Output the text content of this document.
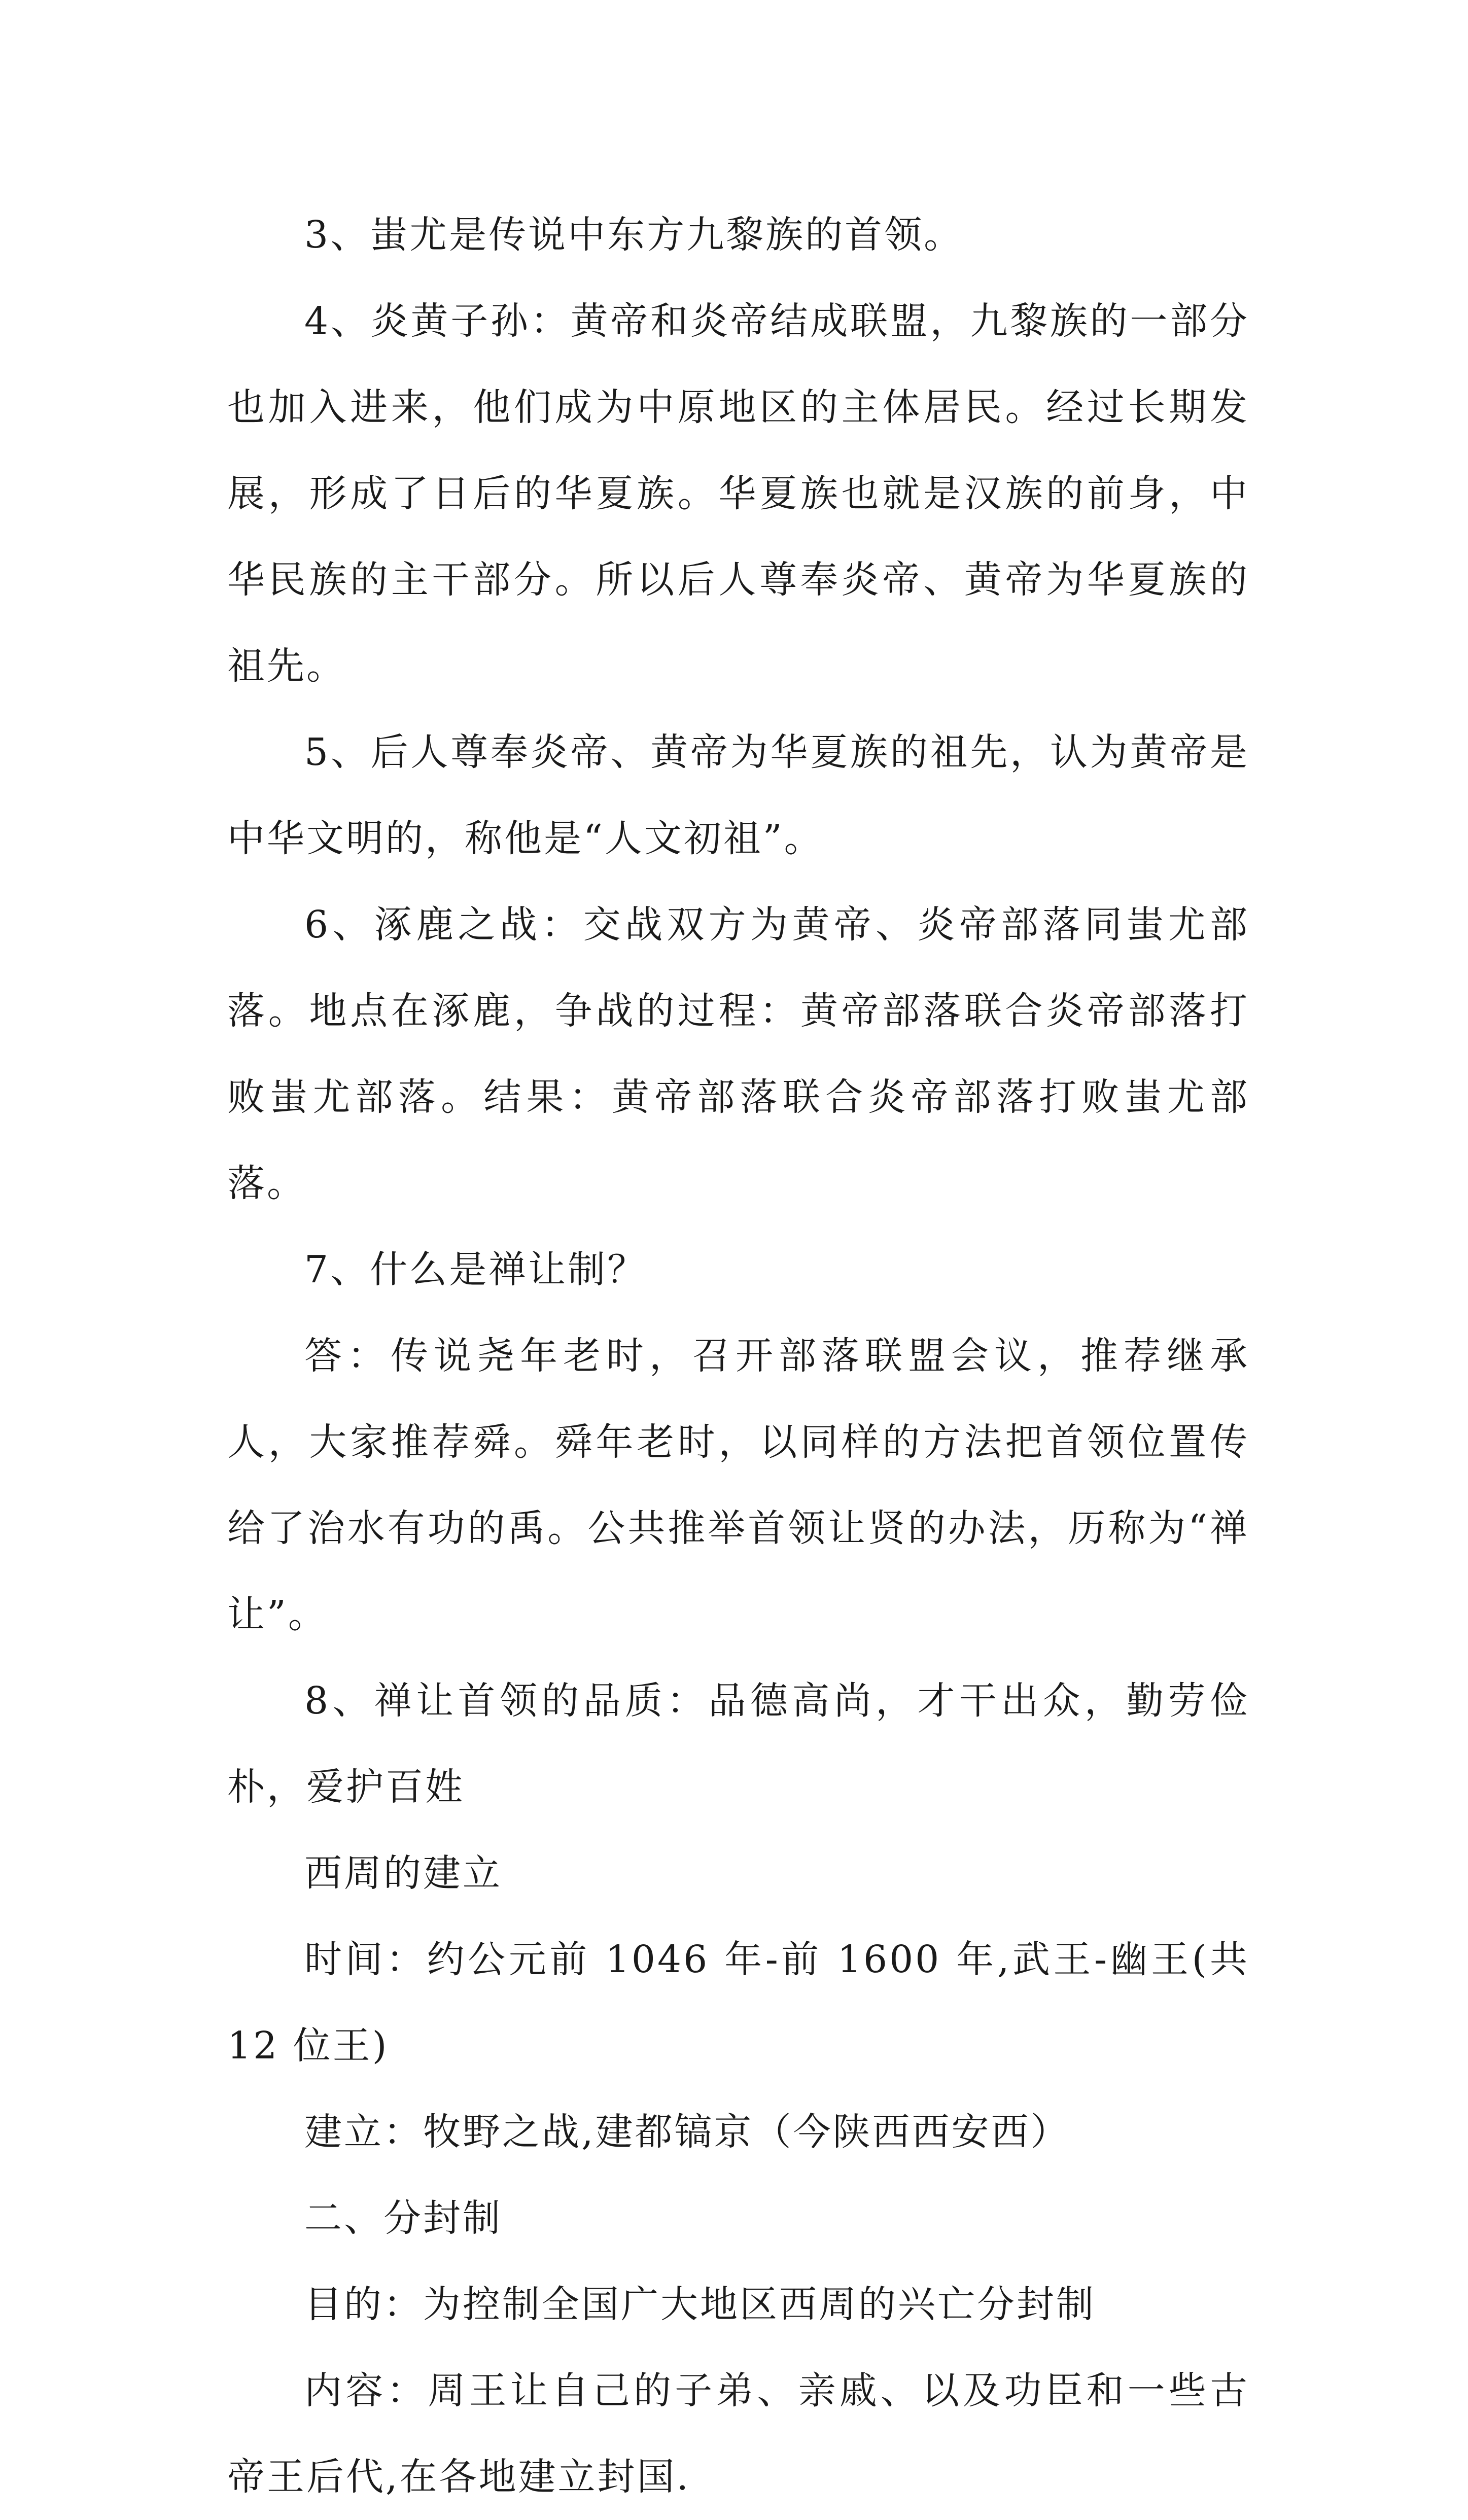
3、蚩尤是传说中东方九黎族的首领。

4、炎黄子孙：黄帝和炎帝结成联盟，九黎族的一部分也加入进来，他们成为中原地区的主体居民。经过长期发展，形成了日后的华夏族。华夏族也就是汉族的前身，中华民族的主干部分。所以后人尊奉炎帝、黄帝为华夏族的祖先。

5、后人尊奉炎帝、黄帝为华夏族的祖先，认为黄帝是中华文明的，称他是“人文初祖”。

6、涿鹿之战：交战双方为黄帝、炎帝部落同蚩尤部落。地点在涿鹿，争战的过程：黄帝部落联合炎帝部落打败蚩尤部落。结果：黄帝部落联合炎帝部落打败蚩尤部落。

7、什么是禅让制？

答：传说尧年老时，召开部落联盟会议，推荐继承人，大家推荐舜。舜年老时，以同样的方法把首领位置传给了治水有功的禹。公共推举首领让贤的办法，历称为“禅让”。

8、禅让首领的品质：品德高尚，才干出众，勤劳俭朴，爱护百姓

西周的建立

时间：约公元前 1046 年-前 1600 年,武王-幽王(共 12 位王)

建立：牧野之战,建都镐京（今陕西西安西）

二、分封制

目的：为控制全国广大地区西周的兴亡分封制

内容：周王让自己的子弟、亲戚、以及功臣和一些古帝王后代,在各地建立封国.
